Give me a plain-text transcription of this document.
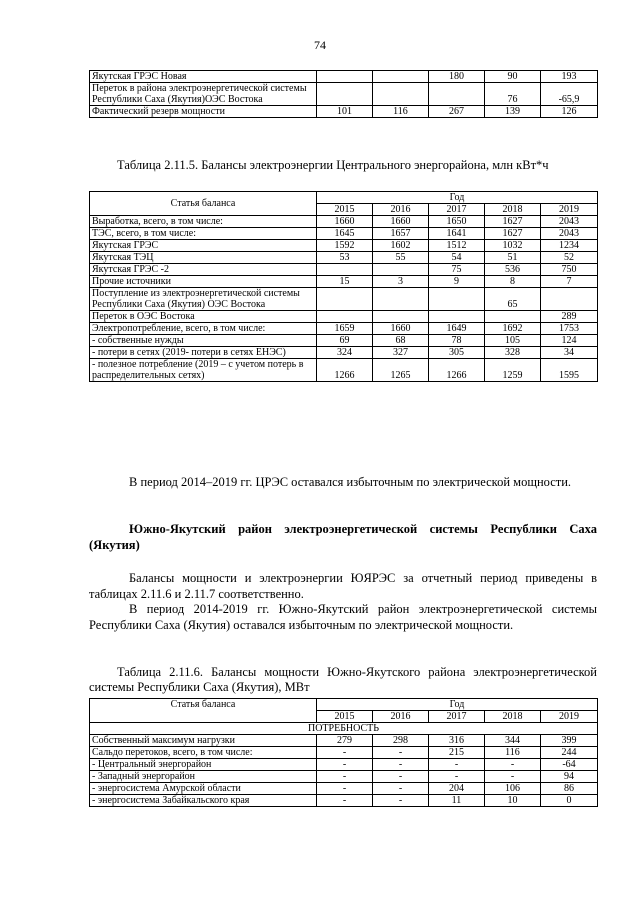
74
Якутская ГРЭС Новая			180	90	193
Переток в района электроэнергетической системы Республики Саха (Якутия)ОЭС Востока				76	-65,9
Фактический резерв мощности	101	116	267	139	126
Таблица 2.11.5. Балансы электроэнергии Центрального энергорайона, млн кВт*ч
Статья баланса	Год				
	2015	2016	2017	2018	2019
Выработка, всего, в том числе:	1660	1660	1650	1627	2043
ТЭС, всего, в том числе:	1645	1657	1641	1627	2043
Якутская ГРЭС	1592	1602	1512	1032	1234
Якутская ТЭЦ	53	55	54	51	52
Якутская ГРЭС -2			75	536	750
Прочие источники	15	3	9	8	7
Поступление из электроэнергетической системы Республики Саха (Якутия) ОЭС Востока				65	
Переток в ОЭС Востока					289
Электропотребление, всего, в том числе:	1659	1660	1649	1692	1753
- собственные нужды	69	68	78	105	124
- потери в сетях (2019- потери в сетях ЕНЭС)	324	327	305	328	34
- полезное потребление (2019 – с учетом потерь в распределительных сетях)	1266	1265	1266	1259	1595
В период 2014–2019 гг. ЦРЭС оставался избыточным по электрической мощности.
Южно-Якутский район электроэнергетической системы Республики Саха (Якутия)
Балансы мощности и электроэнергии ЮЯРЭС за отчетный период приведены в таблицах 2.11.6 и 2.11.7 соответственно.
В период 2014-2019 гг. Южно-Якутский район электроэнергетической системы Республики Саха (Якутия) оставался избыточным по электрической мощности.
Таблица 2.11.6. Балансы мощности Южно-Якутского района электроэнергетической системы Республики Саха (Якутия), МВт
Статья баланса	Год				
	2015	2016	2017	2018	2019
ПОТРЕБНОСТЬ					
Собственный максимум нагрузки	279	298	316	344	399
Сальдо перетоков, всего, в том числе:	-	-	215	116	244
- Центральный энергорайон	-	-	-	-	-64
- Западный энергорайон	-	-	-	-	94
- энергосистема Амурской области	-	-	204	106	86
- энергосистема Забайкальского края	-	-	11	10	0
